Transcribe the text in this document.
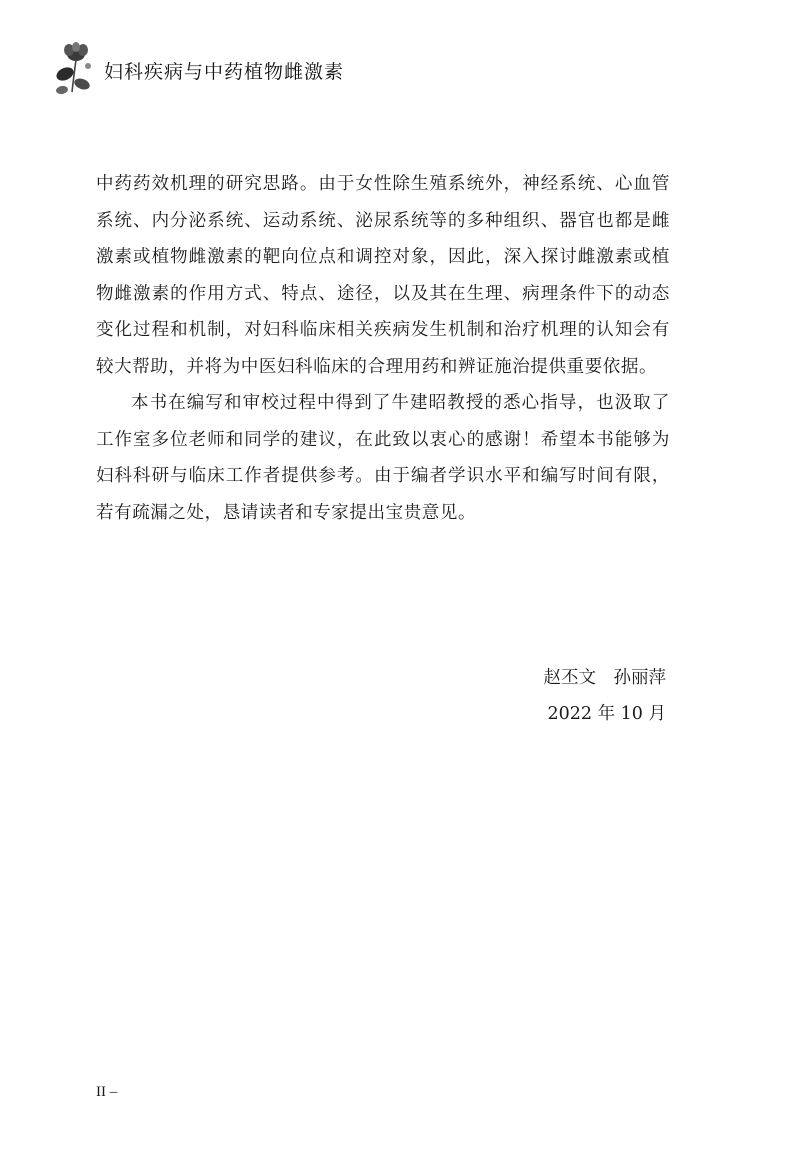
妇科疾病与中药植物雌激素

中药药效机理的研究思路。由于女性除生殖系统外，神经系统、心血管系统、内分泌系统、运动系统、泌尿系统等的多种组织、器官也都是雌激素或植物雌激素的靶向位点和调控对象，因此，深入探讨雌激素或植物雌激素的作用方式、特点、途径，以及其在生理、病理条件下的动态变化过程和机制，对妇科临床相关疾病发生机制和治疗机理的认知会有较大帮助，并将为中医妇科临床的合理用药和辨证施治提供重要依据。

本书在编写和审校过程中得到了牛建昭教授的悉心指导，也汲取了工作室多位老师和同学的建议，在此致以衷心的感谢！希望本书能够为妇科科研与临床工作者提供参考。由于编者学识水平和编写时间有限，若有疏漏之处，恳请读者和专家提出宝贵意见。

赵丕文　孙丽萍
2022 年 10 月
II –
